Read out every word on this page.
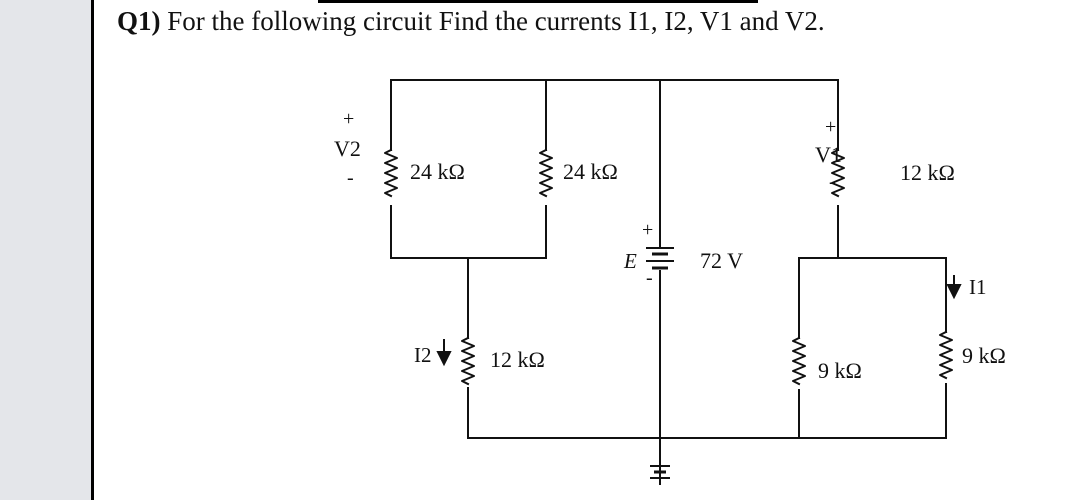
Q1) For the following circuit Find the currents I1, I2, V1 and V2.
+
V2
-	24 kΩ	24 kΩ
+
V1
-	12 kΩ
+
E	72 V
-	I1
I2	12 kΩ	9 kΩ
9 kΩ
